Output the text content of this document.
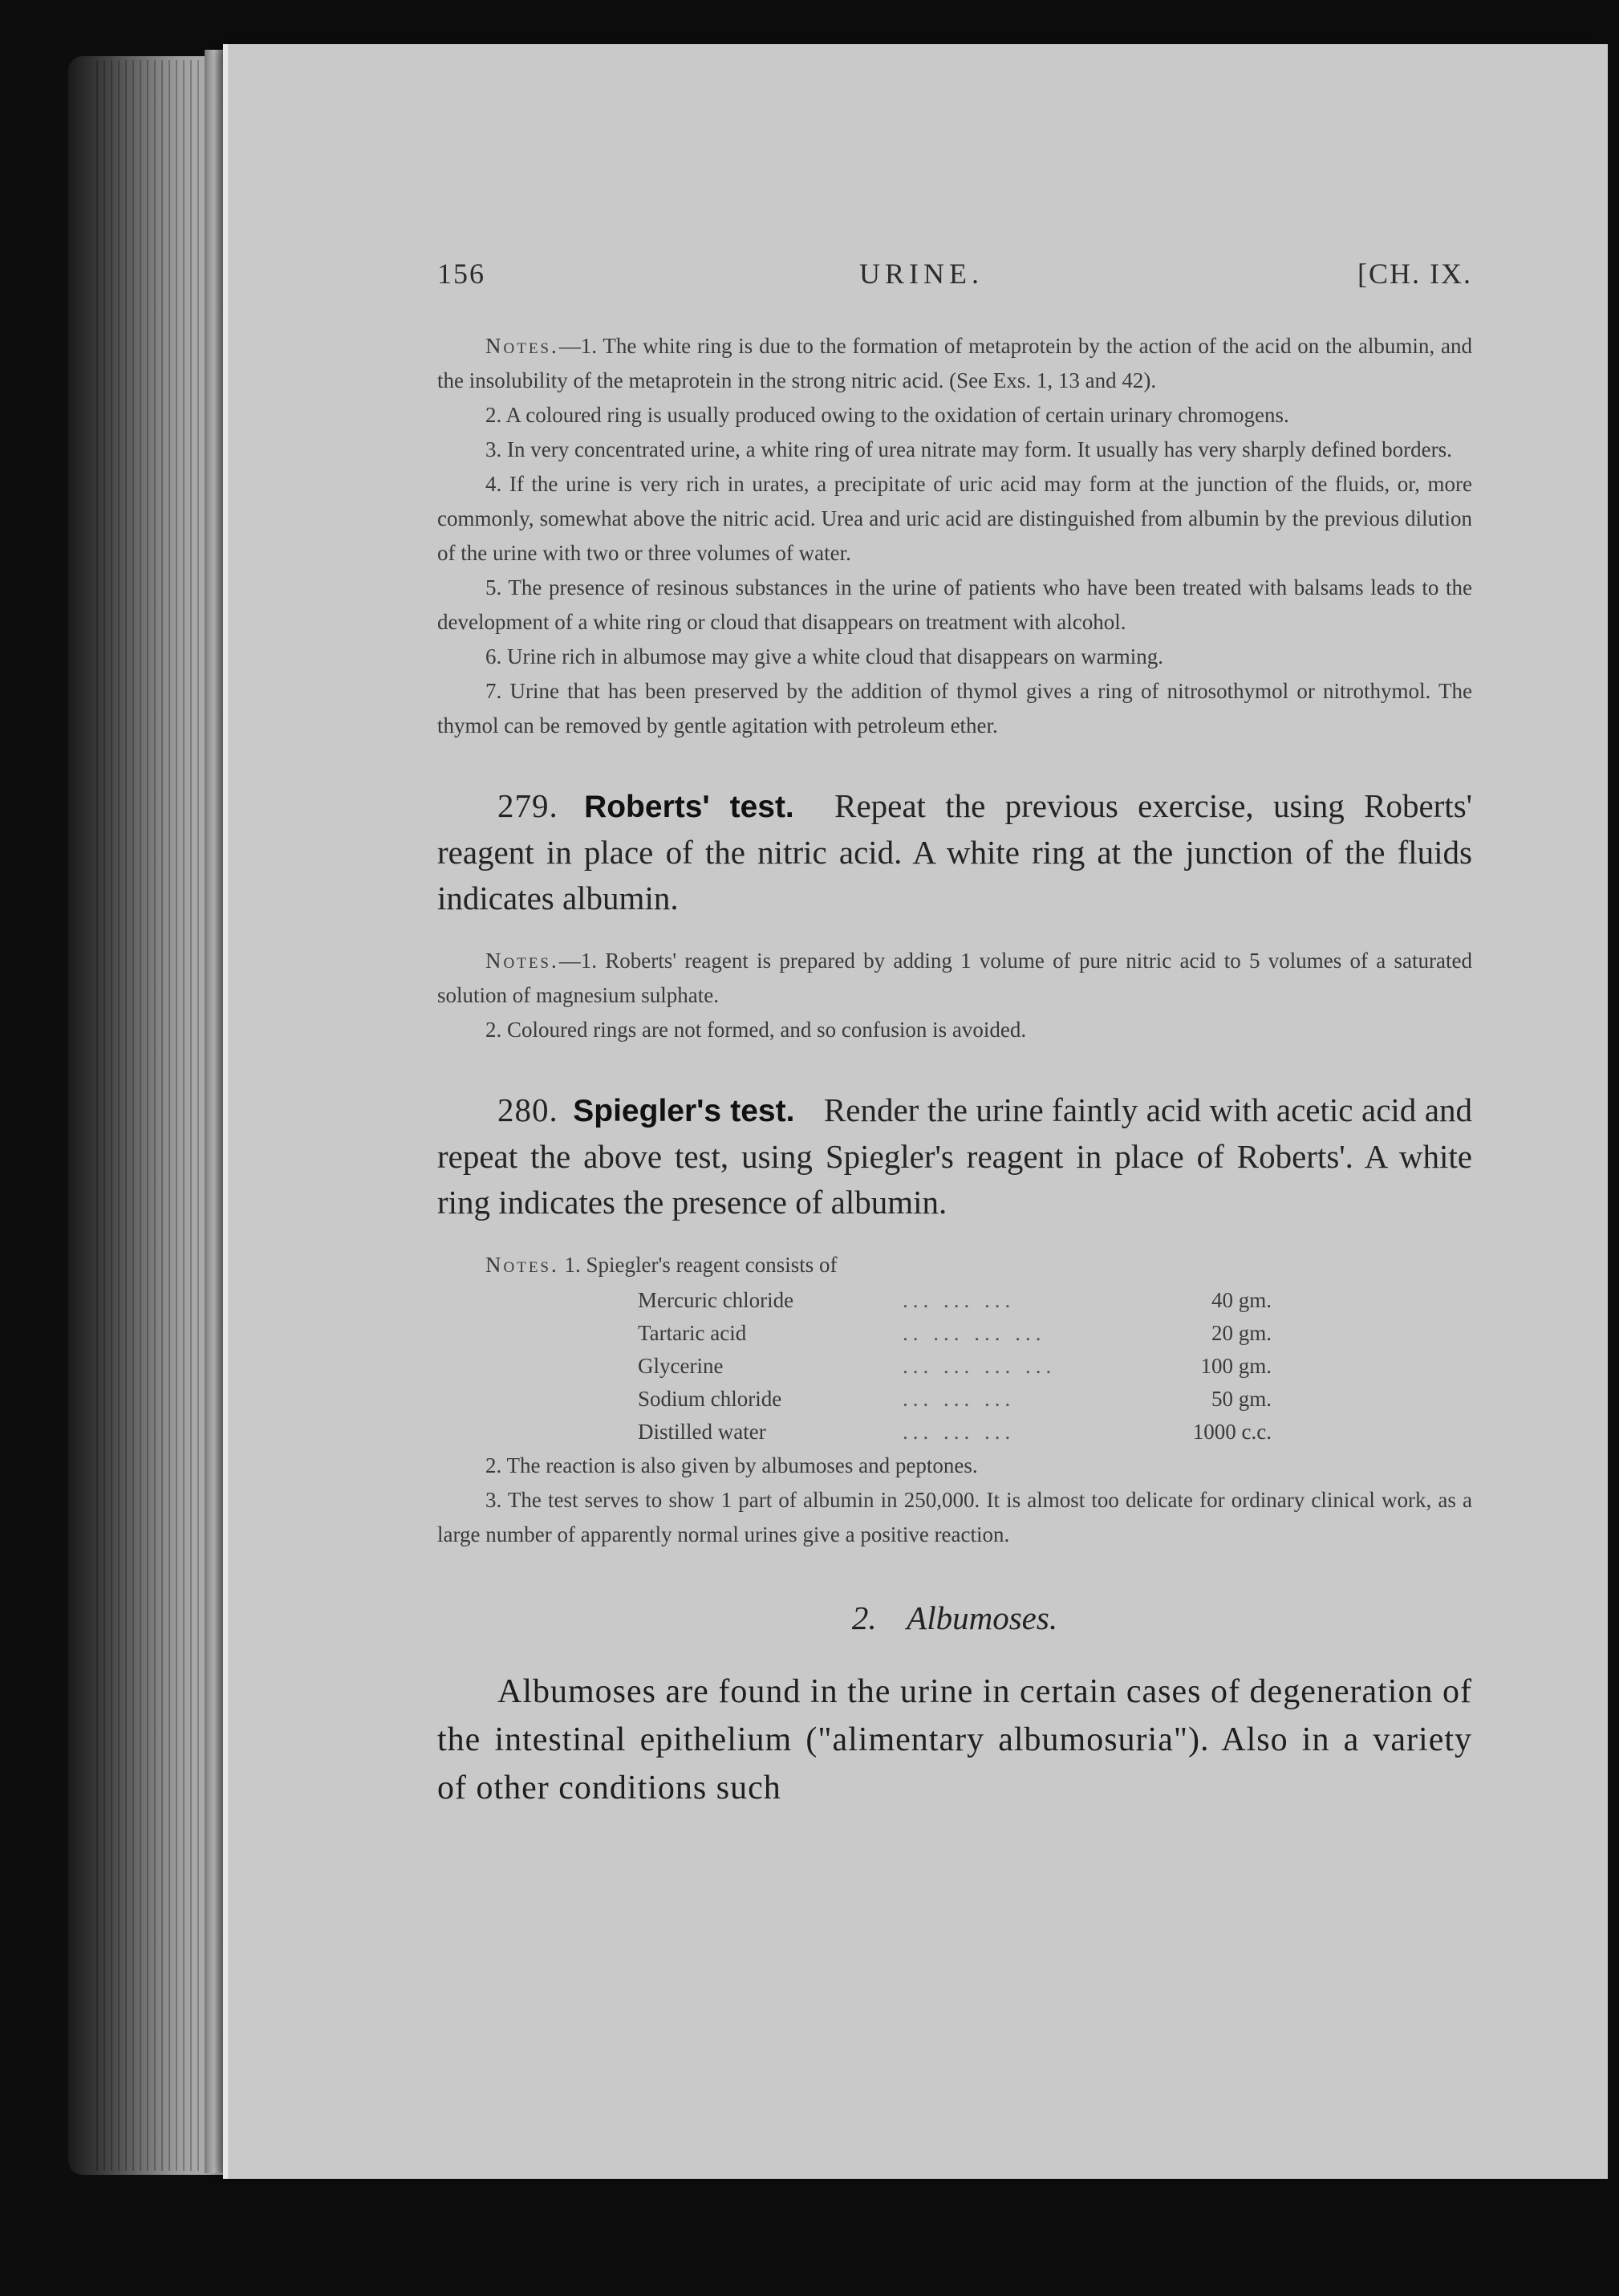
156	URINE.	[CH. IX.

Notes.—1. The white ring is due to the formation of metaprotein by the action of the acid on the albumin, and the insolubility of the metaprotein in the strong nitric acid. (See Exs. 1, 13 and 42).

2. A coloured ring is usually produced owing to the oxidation of certain urinary chromogens.

3. In very concentrated urine, a white ring of urea nitrate may form. It usually has very sharply defined borders.

4. If the urine is very rich in urates, a precipitate of uric acid may form at the junction of the fluids, or, more commonly, somewhat above the nitric acid. Urea and uric acid are distinguished from albumin by the previous dilution of the urine with two or three volumes of water.

5. The presence of resinous substances in the urine of patients who have been treated with balsams leads to the development of a white ring or cloud that disappears on treatment with alcohol.

6. Urine rich in albumose may give a white cloud that disappears on warming.

7. Urine that has been preserved by the addition of thymol gives a ring of nitrosothymol or nitrothymol. The thymol can be removed by gentle agitation with petroleum ether.

279. Roberts' test. Repeat the previous exercise, using Roberts' reagent in place of the nitric acid. A white ring at the junction of the fluids indicates albumin.

Notes.—1. Roberts' reagent is prepared by adding 1 volume of pure nitric acid to 5 volumes of a saturated solution of magnesium sulphate.

2. Coloured rings are not formed, and so confusion is avoided.

280. Spiegler's test. Render the urine faintly acid with acetic acid and repeat the above test, using Spiegler's reagent in place of Roberts'. A white ring indicates the presence of albumin.

Notes. 1. Spiegler's reagent consists of

Mercuric chloride	... ... ...	40 gm.
Tartaric acid	.. ... ... ...	20 gm.
Glycerine	... ... ... ...	100 gm.
Sodium chloride	... ... ...	50 gm.
Distilled water	... ... ...	1000 c.c.

2. The reaction is also given by albumoses and peptones.

3. The test serves to show 1 part of albumin in 250,000. It is almost too delicate for ordinary clinical work, as a large number of apparently normal urines give a positive reaction.

2. Albumoses.

Albumoses are found in the urine in certain cases of degeneration of the intestinal epithelium ("alimentary albumosuria"). Also in a variety of other conditions such
